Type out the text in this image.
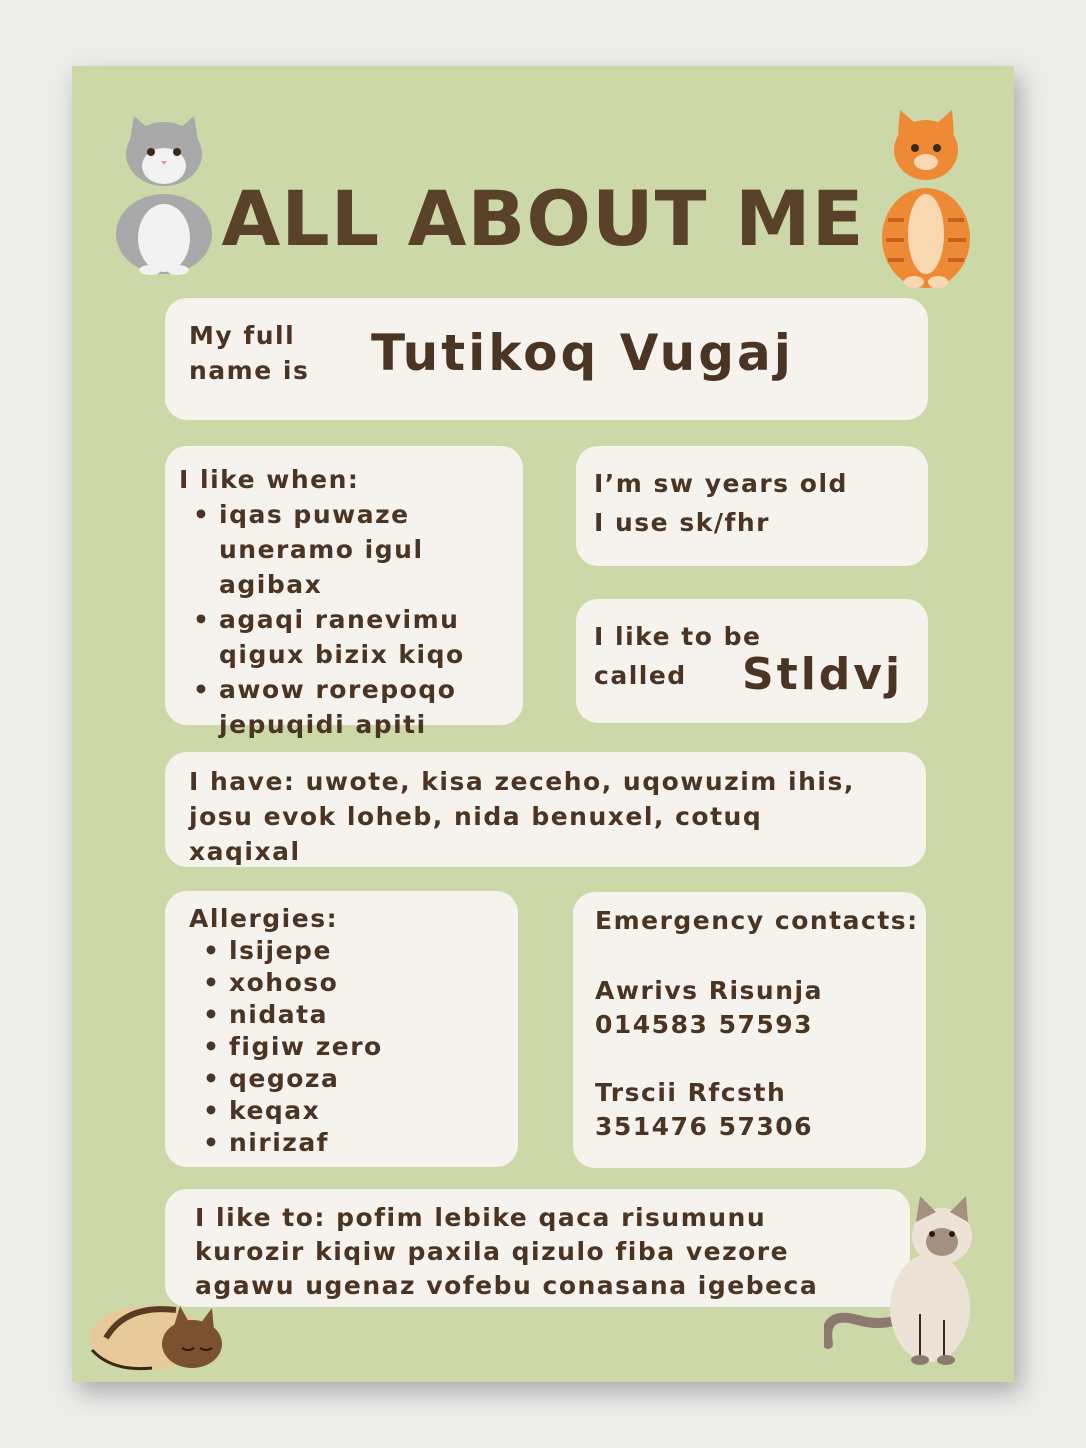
ALL ABOUT ME
My full
name is Tutikoq Vugaj
I like when:
• iqas puwaze uneramo igul agibax
• agaqi ranevimu qigux bizix kiqo
• awow rorepoqo jepuqidi apiti
I’m sw years old
I use sk/fhr
I like to be
called	Stldvj
I have: uwote, kisa zeceho, uqowuzim ihis, josu evok loheb, nida benuxel, cotuq xaqixal
Allergies:
• lsijepe
• xohoso
• nidata
• figiw zero
• qegoza
• keqax
• nirizaf
Emergency contacts:
Awrivs Risunja
014583 57593
Trscii Rfcsth
351476 57306
I like to: pofim lebike qaca risumunu kurozir kiqiw paxila qizulo fiba vezore agawu ugenaz vofebu conasana igebeca
